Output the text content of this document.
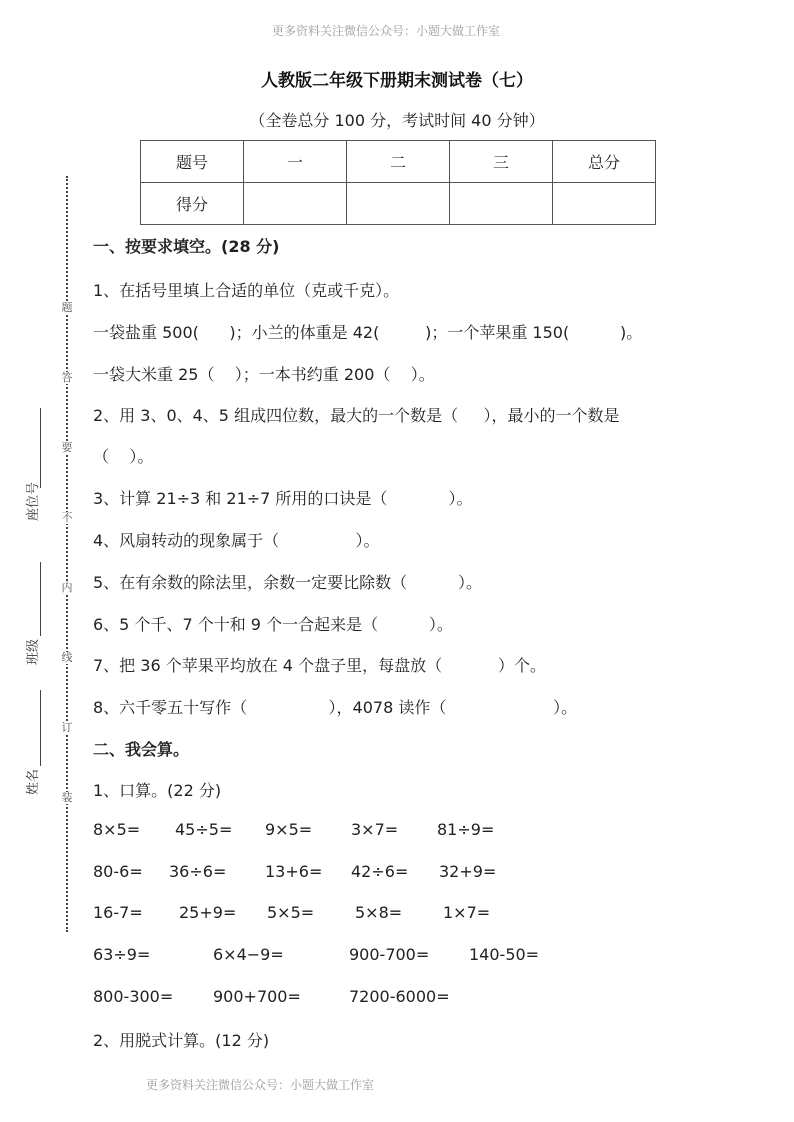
更多资料关注微信公众号：小题大做工作室
人教版二年级下册期末测试卷（七）
（全卷总分 100 分，考试时间 40 分钟）
题号	一	二	三	总分
得分				
题
答
要
不
内
线
订
装
座位号
班级
姓名
一、按要求填空。(28 分)
1、在括号里填上合适的单位（克或千克）。
一袋盐重 500(      )；小兰的体重是 42(         )；一个苹果重 150(          )。
一袋大米重 25（    ）；一本书约重 200（    ）。
2、用 3、0、4、5 组成四位数，最大的一个数是（     ），最小的一个数是
（    ）。
3、计算 21÷3 和 21÷7 所用的口诀是（            ）。
4、风扇转动的现象属于（               ）。
5、在有余数的除法里，余数一定要比除数（          ）。
6、5 个千、7 个十和 9 个一合起来是（          ）。
7、把 36 个苹果平均放在 4 个盘子里，每盘放（           ）个。
8、六千零五十写作（                ），4078 读作（                     ）。
二、我会算。
1、口算。(22 分)
8×5= 45÷5= 9×5= 3×7= 81÷9=
80-6= 36÷6= 13+6= 42÷6= 32+9=
16-7= 25+9= 5×5=	5×8=	1×7=
63÷9=	6×4−9=	900-700= 140-50=
800-300= 900+700=	7200-6000=
2、用脱式计算。(12 分)
更多资料关注微信公众号：小题大做工作室
